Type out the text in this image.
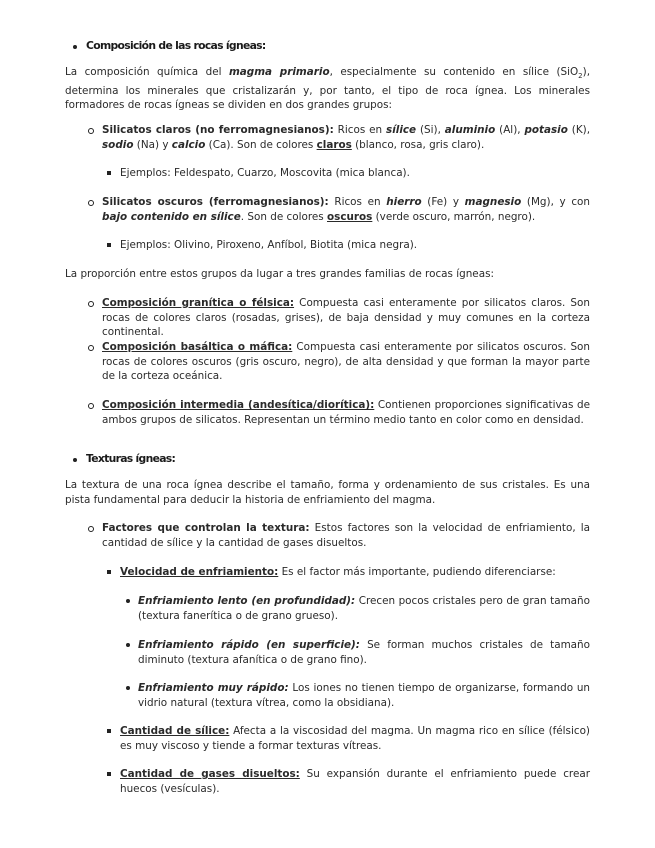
Composición de las rocas ígneas:

La composición química del magma primario, especialmente su contenido en sílice (SiO$_2$), determina los minerales que cristalizarán y, por tanto, el tipo de roca ígnea. Los minerales formadores de rocas ígneas se dividen en dos grandes grupos:

Silicatos claros (no ferromagnesianos): Ricos en sílice (Si), aluminio (Al), potasio (K), sodio (Na) y calcio (Ca). Son de colores claros (blanco, rosa, gris claro).

Ejemplos: Feldespato, Cuarzo, Moscovita (mica blanca).

Silicatos oscuros (ferromagnesianos): Ricos en hierro (Fe) y magnesio (Mg), y con bajo contenido en sílice. Son de colores oscuros (verde oscuro, marrón, negro).

Ejemplos: Olivino, Piroxeno, Anfíbol, Biotita (mica negra).

La proporción entre estos grupos da lugar a tres grandes familias de rocas ígneas:

Composición granítica o félsica: Compuesta casi enteramente por silicatos claros. Son rocas de colores claros (rosadas, grises), de baja densidad y muy comunes en la corteza continental.

Composición basáltica o máfica: Compuesta casi enteramente por silicatos oscuros. Son rocas de colores oscuros (gris oscuro, negro), de alta densidad y que forman la mayor parte de la corteza oceánica.

Composición intermedia (andesítica/diorítica): Contienen proporciones significativas de ambos grupos de silicatos. Representan un término medio tanto en color como en densidad.

Texturas ígneas:

La textura de una roca ígnea describe el tamaño, forma y ordenamiento de sus cristales. Es una pista fundamental para deducir la historia de enfriamiento del magma.

Factores que controlan la textura: Estos factores son la velocidad de enfriamiento, la cantidad de sílice y la cantidad de gases disueltos.

Velocidad de enfriamiento: Es el factor más importante, pudiendo diferenciarse:

Enfriamiento lento (en profundidad): Crecen pocos cristales pero de gran tamaño (textura fanerítica o de grano grueso).

Enfriamiento rápido (en superficie): Se forman muchos cristales de tamaño diminuto (textura afanítica o de grano fino).

Enfriamiento muy rápido: Los iones no tienen tiempo de organizarse, formando un vidrio natural (textura vítrea, como la obsidiana).

Cantidad de sílice: Afecta a la viscosidad del magma. Un magma rico en sílice (félsico) es muy viscoso y tiende a formar texturas vítreas.

Cantidad de gases disueltos: Su expansión durante el enfriamiento puede crear huecos (vesículas).
